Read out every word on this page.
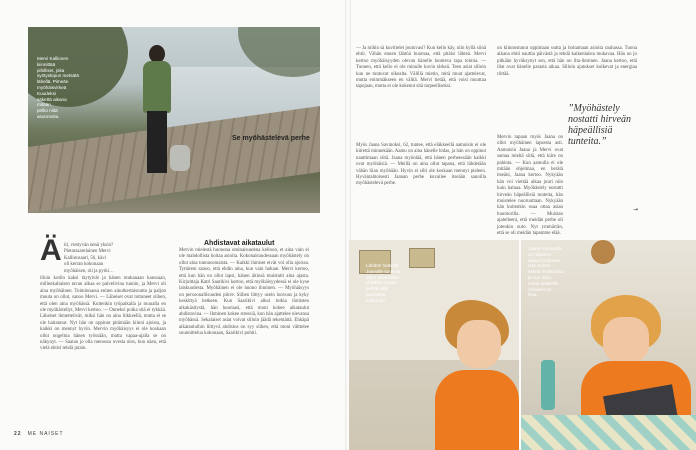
Mervi Kallionen
kiinnittää
pihilliset, joka
syötyslopun metsätä
lähellä. Pimeän
myöhäisvirkeä
Kuudeksi
säkettä aikana
mitään
pelko niitä
asunnosta.
Ä iti, viettyvän nenä yksin?
Pietarsaarelainen Mervi
Kallionsaari, 56, kävi
oli kerran kokonaan
myöhäisen, oli ja pyrki…

illoin kotiin kaksi täytyivät ja hänen mukanaan kanssaan, millenkaltaisen tavan alkaa se palvelivina tunnin, ja Mervi oli aina myöhäinen. Toiminnassa eniten ainutkertaisuutta ja paljon muuta on ollut, sanoo Mervi. — Läheiset ovat tottuneet siihen, että olen aina myöhässä. Kuitenkin työpaikalla ja muualla en ole myöhästellyt, Mervi kertoo. — Onneksi poika sitä ei tykkää. Läheiset ihmettelivät, miksi hän on aina liikkeellä, mutta ei se ole haitannut. Nyt hän on oppinut pitämään kiinni ajoista, ja kaikki on mennyt hyvin. Mervin myöhäisyys ei ole koskaan ollut ongelma hänen työssään, mutta vapaa-ajalla se on näkynyt. — Saatan jo olla menossa ovesta ulos, kun näen, että vielä ehtisi tehdä jotain.

Ahdistavat aikataulut

Mervin mielestä huonona ominaisuutena kelloon, et aina vain ei ole mahdollista hoitaa asioita. Kokonaisuudessaan myöhästely on ollut aina tunnusomaista. — Kaikki ihmiset eivät voi olla ajoissa. Tyttäreni sanoo, että ehdin aina, kun vain haluan. Mervi kertoo, että kun hän on ollut lapsi, hänen äitinsä muistutti aina ajasta. Kirjoittaja Katri Saarikivi kertoo, että myöhäisyydessä ei ole kyse laiskuudesta. Myöhäinen ei ole huono ihminen. — Myöhäisyys on persoonallisuuden piirre. Siihen liittyy usein luovuus ja kyky keskittyä hetkeen. Kun Saarikivi alkoi tutkia ihmisten aikakäsitystä, hän huomasi, että moni kokee aikataulut ahdistavina. — Ihminen kokee stressiä, kun hän ajattelee olevansa myöhässä. Sekalaiset asiat voivat silloin jäädä tekemättä. Ehkäpä aikatauluihin liittyvä ahdistus on syy siihen, että moni välttelee suunnittelua kokonaan, Saarikivi pohtii.

22 ME NAISET

— Ja mihin sä kuvittelet joutuvasi? Kun kello käy, niin kyllä siinä ehtii. Vähän ennen lähtöä huomaa, että pitäisi lähteä. Mervi kertoo myöhäisyyden olevan hänelle luonteva tapa toimia. — Tunnen, että kello ei ole minulle kovin tärkeä. Teen asiat silloin kun ne tuntuvat oikealta. Välillä mietin, mitä muut ajattelevat, mutta enimmäkseen en välitä. Mervi tietää, että voisi muuttaa tapojaan, mutta ei ole kokenut sitä tarpeelliseksi.

Se myöhästelevä perhe

Myös Jaana Savinoksi, 62, tuntee, että eläkkeellä aamuisin ei ole kiirettä minnekään. Aamu on aina hänelle hidas, ja hän on oppinut nauttimaan siitä. Jaana myöntää, että hänen perheessään kaikki ovat myöhäisiä. — Meillä on aina ollut tapana, että lähdetään vähän liian myöhään. Hyvin ei silti ole koskaan mennyt pieleen. Hyväntahtoisesti Jaanan perhe kuvailee itseään sanoilla myöhästelevä perhe.

on kiinnostunut oppimaan uutta ja hoitamaan asioita rauhassa. Tuona aikana ehtii nauttia päivästä ja tehdä kaikenlaista mukavaa. Hän on jo pitkään hyväksynyt sen, että hän on ilta-ihminen. Jaana kertoo, että illat ovat hänelle parasta aikaa. Silloin ajatukset kulkevat ja energiaa riittää.

”Myöhästely nostatti hirveän häpeällisiä tunteita.”

Mervin tapaan myös Jaana on ollut myöhäinen lapsesta asti. Aamuisin Jaana ja Mervi ovat samaa mieltä siitä, että kiire on pahinta. — Kun aamulla ei ole mitään ohjelmaa, en herätä itseäni, Jaana kertoo. Nykyään hän voi viettää aikaa juuri niin kuin haluaa. Myöhästely nostatti hirveän häpeällisiä tunteita, hän muistelee nuoruuttaan. Nykyään hän kuitenkin osaa ottaa asian huumorilla. — Muistan ajatelleeni, että meidän perhe oli jotenkin outo. Nyt ymmärrän, että se oli meidän tapamme elää.

→
Lähdön hetkellä
Jaanalle tuntevia
arjen mitenkäkin
yhtäkkiä muuta
kehitä siitä
puoliväliä
makuuun.
Jaana Savinoilla
on hiljainen
aikaa ihmpouen.
Hän ennen
säkeä muistoissa
ja nuo illoja,
mutta keskiöllä
erilaisen on
iltaa.
